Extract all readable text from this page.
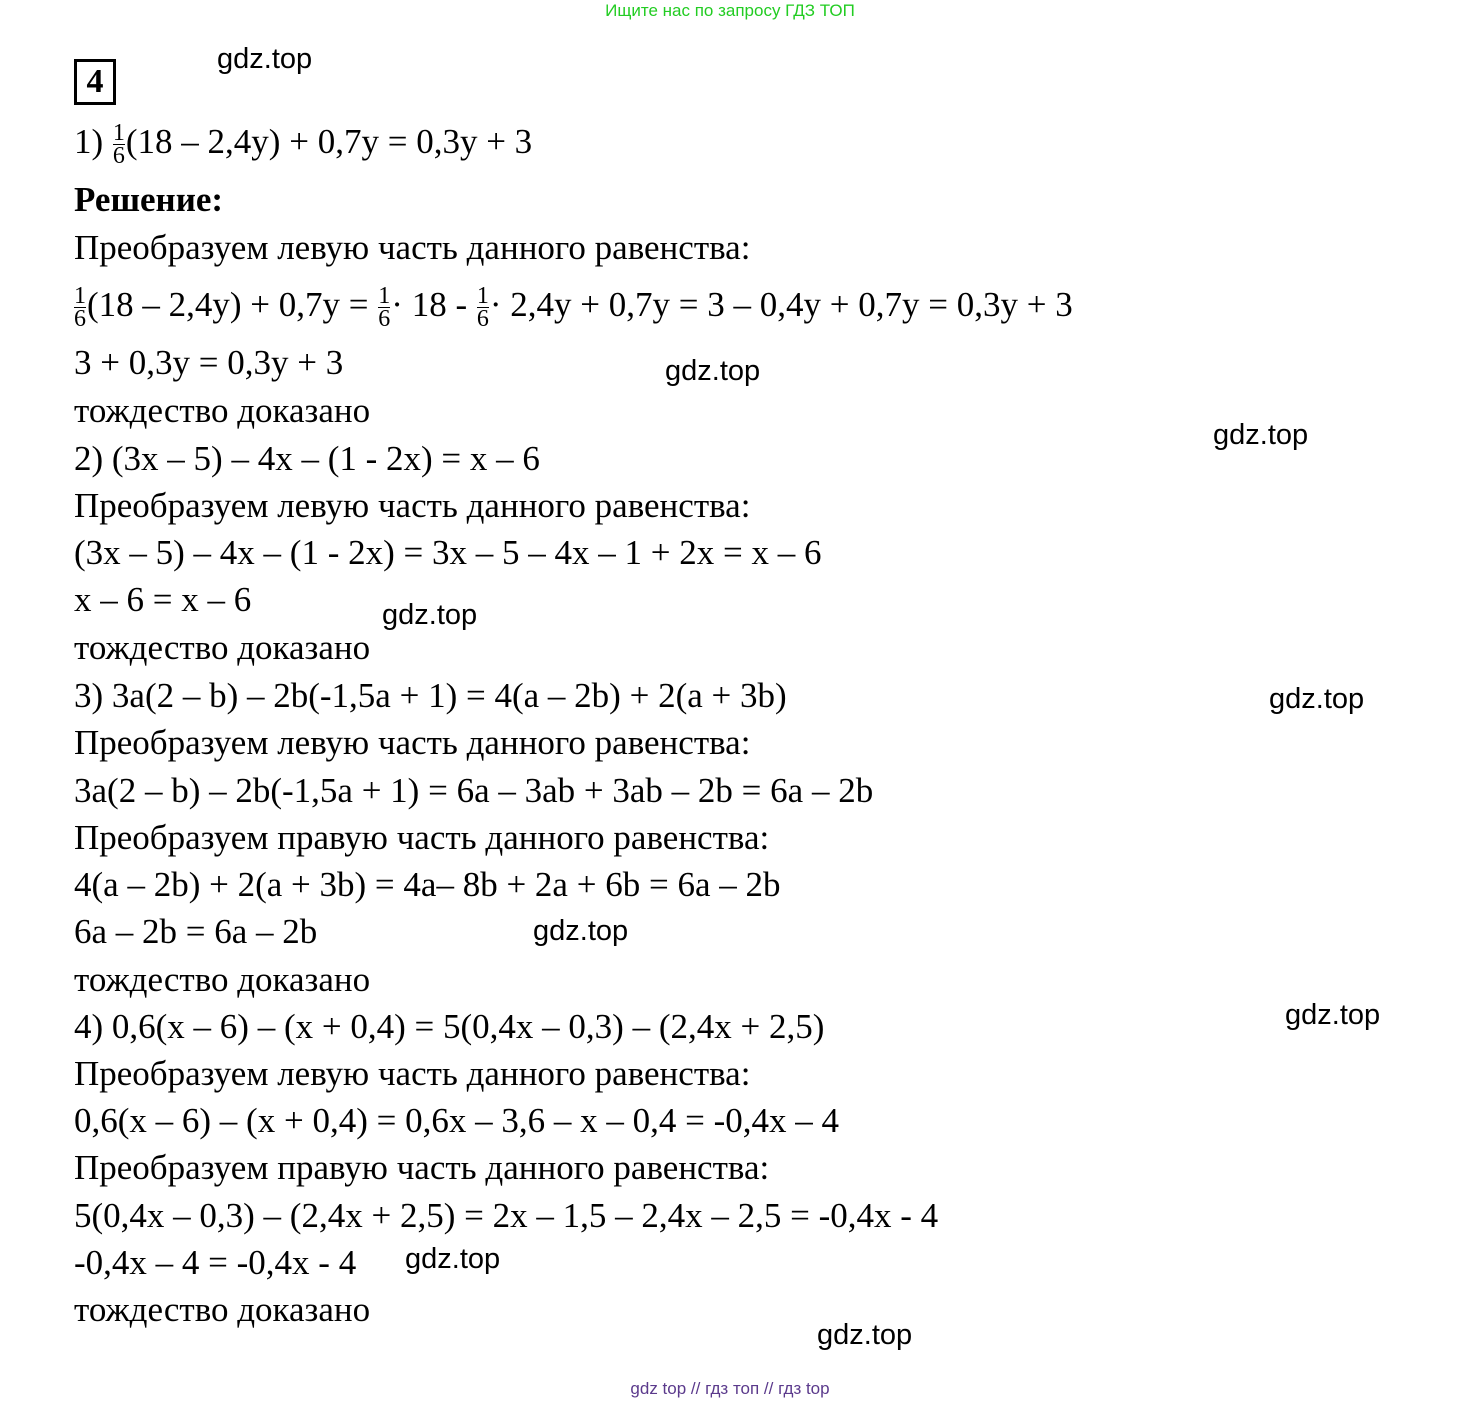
Ищите нас по запросу ГДЗ ТОП
4
$1) \frac{1}{6} (18 - 2,4y) + 0,7y = 0,3y + 3$
Решение:
Преобразуем левую часть данного равенства:
$\frac{1}{6} (18 - 2,4y) + 0,7y = \frac{1}{6} \cdot 18 - \frac{1}{6} \cdot 2,4y + 0,7y = 3 - 0,4y + 0,7y = 0,3y + 3$
3 + 0,3y = 0,3y + 3
тождество доказано
2) (3x – 5) – 4x – (1 - 2x) = x – 6
Преобразуем левую часть данного равенства:
(3x – 5) – 4x – (1 - 2x) = 3x – 5 – 4x – 1 + 2x = x – 6
x – 6 = x – 6
тождество доказано
3) 3a(2 – b) – 2b(-1,5a + 1) = 4(a – 2b) + 2(a + 3b)
Преобразуем левую часть данного равенства:
3a(2 – b) – 2b(-1,5a + 1) = 6a – 3ab + 3ab – 2b = 6a – 2b
Преобразуем правую часть данного равенства:
4(a – 2b) + 2(a + 3b) = 4a– 8b + 2a + 6b = 6a – 2b
6a – 2b = 6a – 2b
тождество доказано
4) 0,6(x – 6) – (x + 0,4) = 5(0,4x – 0,3) – (2,4x + 2,5)
Преобразуем левую часть данного равенства:
0,6(x – 6) – (x + 0,4) = 0,6x – 3,6 – x – 0,4 = -0,4x – 4
Преобразуем правую часть данного равенства:
5(0,4x – 0,3) – (2,4x + 2,5) = 2x – 1,5 – 2,4x – 2,5 = -0,4x - 4
-0,4x – 4 = -0,4x - 4
тождество доказано
gdz.top
gdz.top
gdz.top
gdz.top
gdz.top
gdz.top
gdz.top
gdz.top
gdz.top
gdz top // гдз топ // гдз top
